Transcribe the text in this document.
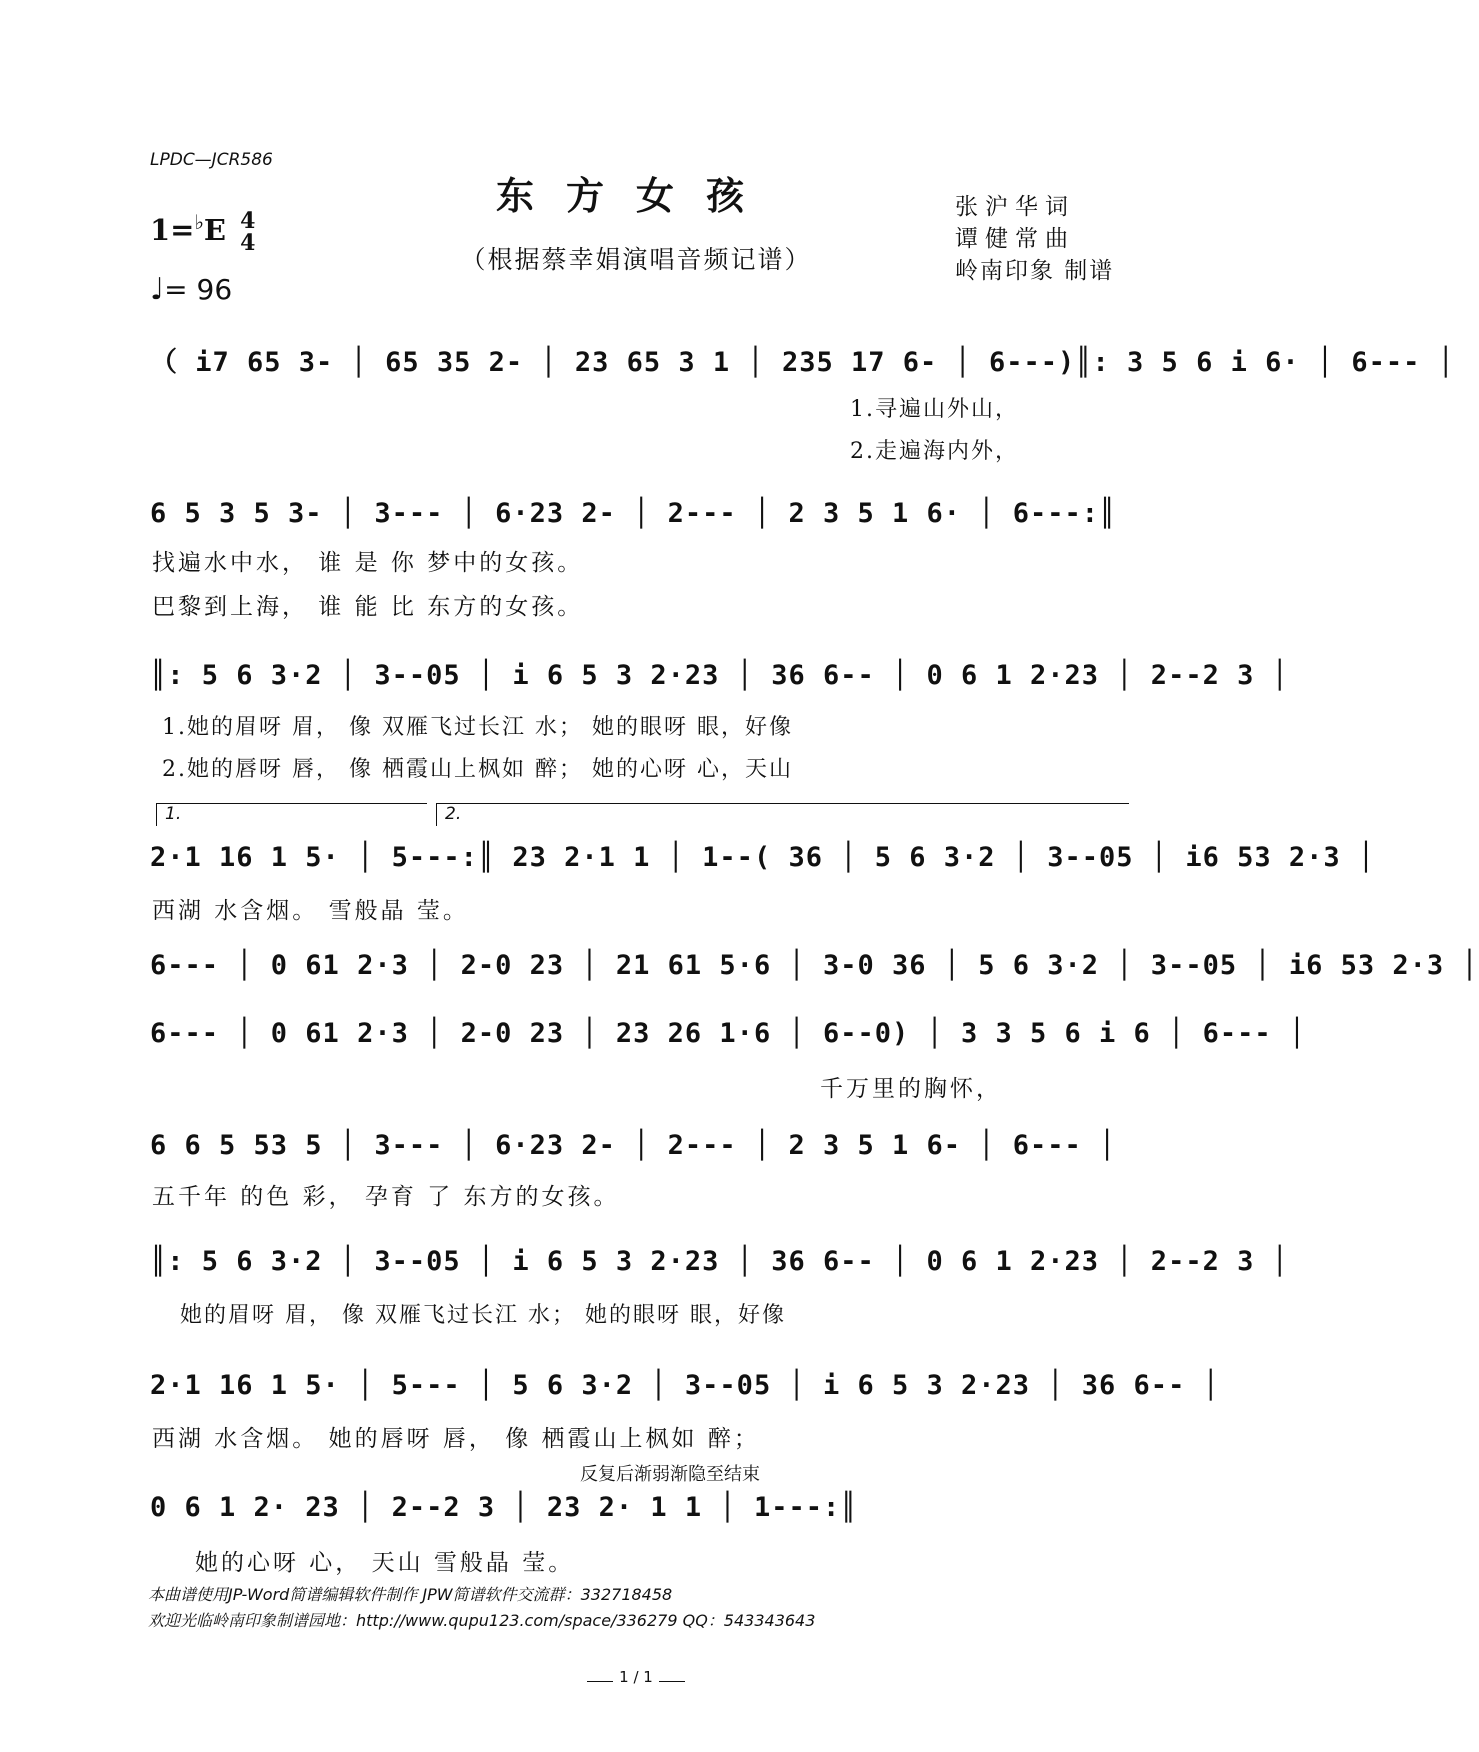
LPDC—JCR586
东方女孩
（根据蔡幸娟演唱音频记谱）
张沪华词
谭健常曲
岭南印象 制谱
1=♭E 4
4
♩= 96
（ i7 65 3- │ 65 35 2- │ 23 65 3 1 │ 235 17 6- │ 6---)║: 3 5 6 i 6· │ 6--- │
1.寻遍山外山，
2.走遍海内外，
6 5 3 5 3- │ 3--- │ 6·23 2- │ 2--- │ 2 3 5 1 6· │ 6---:║
找遍水中水， 谁 是 你 梦中的女孩。
巴黎到上海， 谁 能 比 东方的女孩。
║: 5 6 3·2 │ 3--05 │ i 6 5 3 2·23 │ 36 6-- │ 0 6 1 2·23 │ 2--2 3 │
1.她的眉呀 眉， 像 双雁飞过长江 水； 她的眼呀 眼，好像
2.她的唇呀 唇， 像 栖霞山上枫如 醉； 她的心呀 心，天山
1.	2.
2·1 16 1 5· │ 5---:║ 23 2·1 1 │ 1--( 36 │ 5 6 3·2 │ 3--05 │ i6 53 2·3 │
西湖 水含烟。 雪般晶 莹。
6--- │ 0 61 2·3 │ 2-0 23 │ 21 61 5·6 │ 3-0 36 │ 5 6 3·2 │ 3--05 │ i6 53 2·3 │
6--- │ 0 61 2·3 │ 2-0 23 │ 23 26 1·6 │ 6--0) │ 3 3 5 6 i 6 │ 6--- │
千万里的胸怀，
6 6 5 53 5 │ 3--- │ 6·23 2- │ 2--- │ 2 3 5 1 6- │ 6--- │
五千年 的色 彩， 孕育 了 东方的女孩。
║: 5 6 3·2 │ 3--05 │ i 6 5 3 2·23 │ 36 6-- │ 0 6 1 2·23 │ 2--2 3 │
她的眉呀 眉， 像 双雁飞过长江 水； 她的眼呀 眼，好像
2·1 16 1 5· │ 5--- │ 5 6 3·2 │ 3--05 │ i 6 5 3 2·23 │ 36 6-- │
西湖 水含烟。 她的唇呀 唇， 像 栖霞山上枫如 醉；
反复后渐弱渐隐至结束
0 6 1 2· 23 │ 2--2 3 │ 23 2· 1 1 │ 1---:║
她的心呀 心， 天山 雪般晶 莹。
本曲谱使用JP-Word简谱编辑软件制作 JPW简谱软件交流群：332718458
欢迎光临岭南印象制谱园地：http://www.qupu123.com/space/336279 QQ：543343643
1 / 1
